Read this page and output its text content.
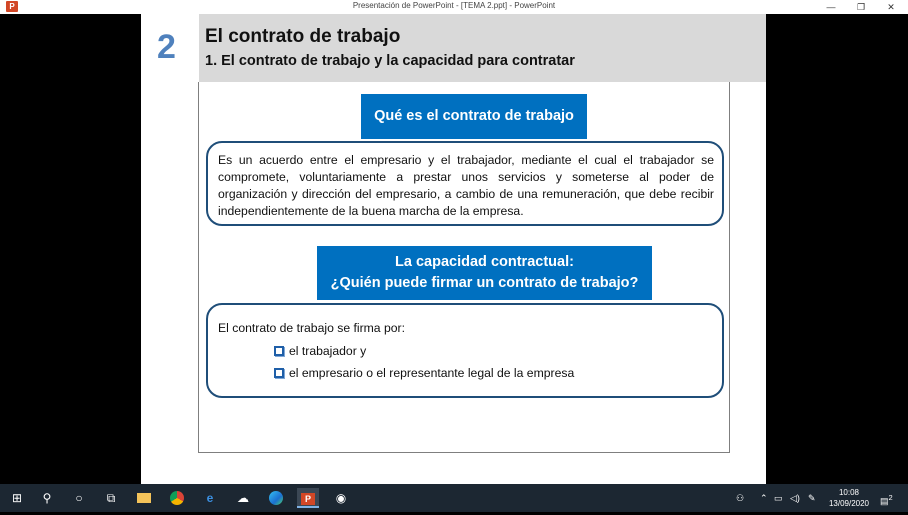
P	Presentación de PowerPoint - [TEMA 2.ppt] - PowerPoint	—	❐	✕
2 El contrato de trabajo
1. El contrato de trabajo y la capacidad para contratar
Qué es el contrato de trabajo
Es un acuerdo entre el empresario y el trabajador, mediante el cual el trabajador se compromete, voluntariamente a prestar unos servicios y someterse al poder de organización y dirección del empresario, a cambio de una remuneración, que debe recibir independientemente de la buena marcha de la empresa.
La capacidad contractual:
¿Quién puede firmar un contrato de trabajo?
El contrato de trabajo se firma por:
el trabajador y
el empresario o el representante legal de la empresa
⊞	⚲	○	⧉	e	☁	P	◉	⚇ ⌃ ▭ ◁) ✎
10:08
13/09/2020	▤$^2$
